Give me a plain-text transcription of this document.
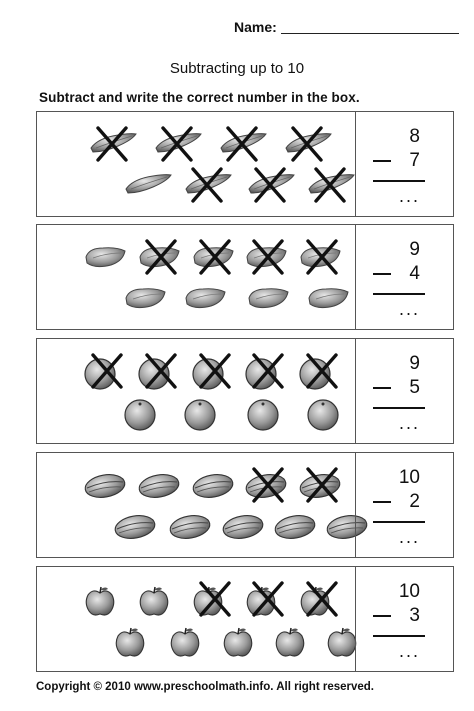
Name:
Subtracting up to 10
Subtract and write the correct number in the box.
8
7
...
9
4
...
9
5
...
10
2
...
10
3
...
Copyright © 2010 www.preschoolmath.info. All right reserved.
